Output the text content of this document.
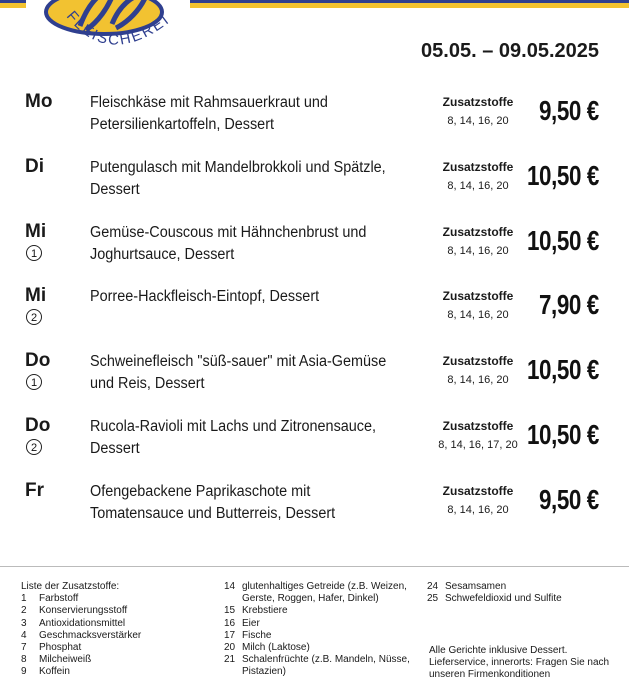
FLEISCHEREI
05.05. – 09.05.2025
Mo Fleischkäse mit Rahmsauerkraut und Petersilienkartoffeln, Dessert
Zusatzstoffe
8, 14, 16, 20	9,50 €
Di	Putengulasch mit Mandelbrokkoli und Spätzle, Dessert
Zusatzstoffe
8, 14, 16, 20 10,50 €
Mi
1
Gemüse-Couscous mit Hähnchenbrust und Joghurtsauce, Dessert
Zusatzstoffe
8, 14, 16, 20 10,50 €
Mi
2
Porree-Hackfleisch-Eintopf, Dessert	Zusatzstoffe
8, 14, 16, 20	7,90 €
Do
1
Schweinefleisch "süß-sauer" mit Asia-Gemüse und Reis, Dessert
Zusatzstoffe
8, 14, 16, 20 10,50 €
Do
2
Rucola-Ravioli mit Lachs und Zitronensauce, Dessert
Zusatzstoffe
8, 14, 16, 17, 20 10,50 €
Fr	Ofengebackene Paprikaschote mit Tomatensauce und Butterreis, Dessert
Zusatzstoffe
8, 14, 16, 20	9,50 €
Liste der Zusatzstoffe:
1	Farbstoff
2	Konservierungsstoff
3	Antioxidationsmittel
4	Geschmacksverstärker
7	Phosphat
8	Milcheiweiß
9	Koffein
14 glutenhaltiges Getreide (z.B. Weizen, Gerste, Roggen, Hafer, Dinkel)
15 Krebstiere
16 Eier
17 Fische
20 Milch (Laktose)
21 Schalenfrüchte (z.B. Mandeln, Nüsse, Pistazien)
24 Sesamsamen
25 Schwefeldioxid und Sulfite
Alle Gerichte inklusive Dessert.
Lieferservice, innerorts: Fragen Sie nach unseren Firmenkonditionen
